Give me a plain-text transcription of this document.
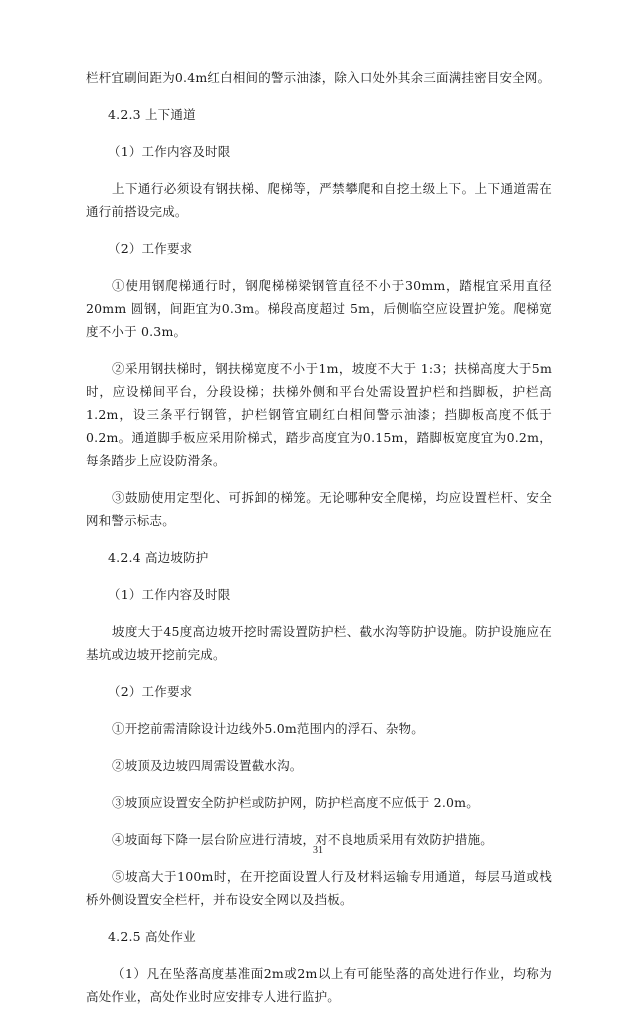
栏杆宜刷间距为0.4m红白相间的警示油漆，除入口处外其余三面满挂密目安全网。

4.2.3 上下通道

（1）工作内容及时限

上下通行必须设有钢扶梯、爬梯等，严禁攀爬和自挖土级上下。上下通道需在通行前搭设完成。

（2）工作要求

①使用钢爬梯通行时，钢爬梯梯梁钢管直径不小于30mm，踏棍宜采用直径 20mm 圆钢，间距宜为0.3m。梯段高度超过 5m，后侧临空应设置护笼。爬梯宽度不小于 0.3m。

②采用钢扶梯时，钢扶梯宽度不小于1m，坡度不大于 1:3；扶梯高度大于5m时，应设梯间平台，分段设梯；扶梯外侧和平台处需设置护栏和挡脚板，护栏高1.2m，设三条平行钢管，护栏钢管宜刷红白相间警示油漆；挡脚板高度不低于0.2m。通道脚手板应采用阶梯式，踏步高度宜为0.15m，踏脚板宽度宜为0.2m，每条踏步上应设防滑条。

③鼓励使用定型化、可拆卸的梯笼。无论哪种安全爬梯，均应设置栏杆、安全网和警示标志。

4.2.4 高边坡防护

（1）工作内容及时限

坡度大于45度高边坡开挖时需设置防护栏、截水沟等防护设施。防护设施应在基坑或边坡开挖前完成。

（2）工作要求

①开挖前需清除设计边线外5.0m范围内的浮石、杂物。

②坡顶及边坡四周需设置截水沟。

③坡顶应设置安全防护栏或防护网，防护栏高度不应低于 2.0m。

④坡面每下降一层台阶应进行清坡，对不良地质采用有效防护措施。

⑤坡高大于100m时，在开挖面设置人行及材料运输专用通道，每层马道或栈桥外侧设置安全栏杆，并布设安全网以及挡板。

4.2.5 高处作业

（1）凡在坠落高度基准面2m或2m以上有可能坠落的高处进行作业，均称为高处作业，高处作业时应安排专人进行监护。

31
